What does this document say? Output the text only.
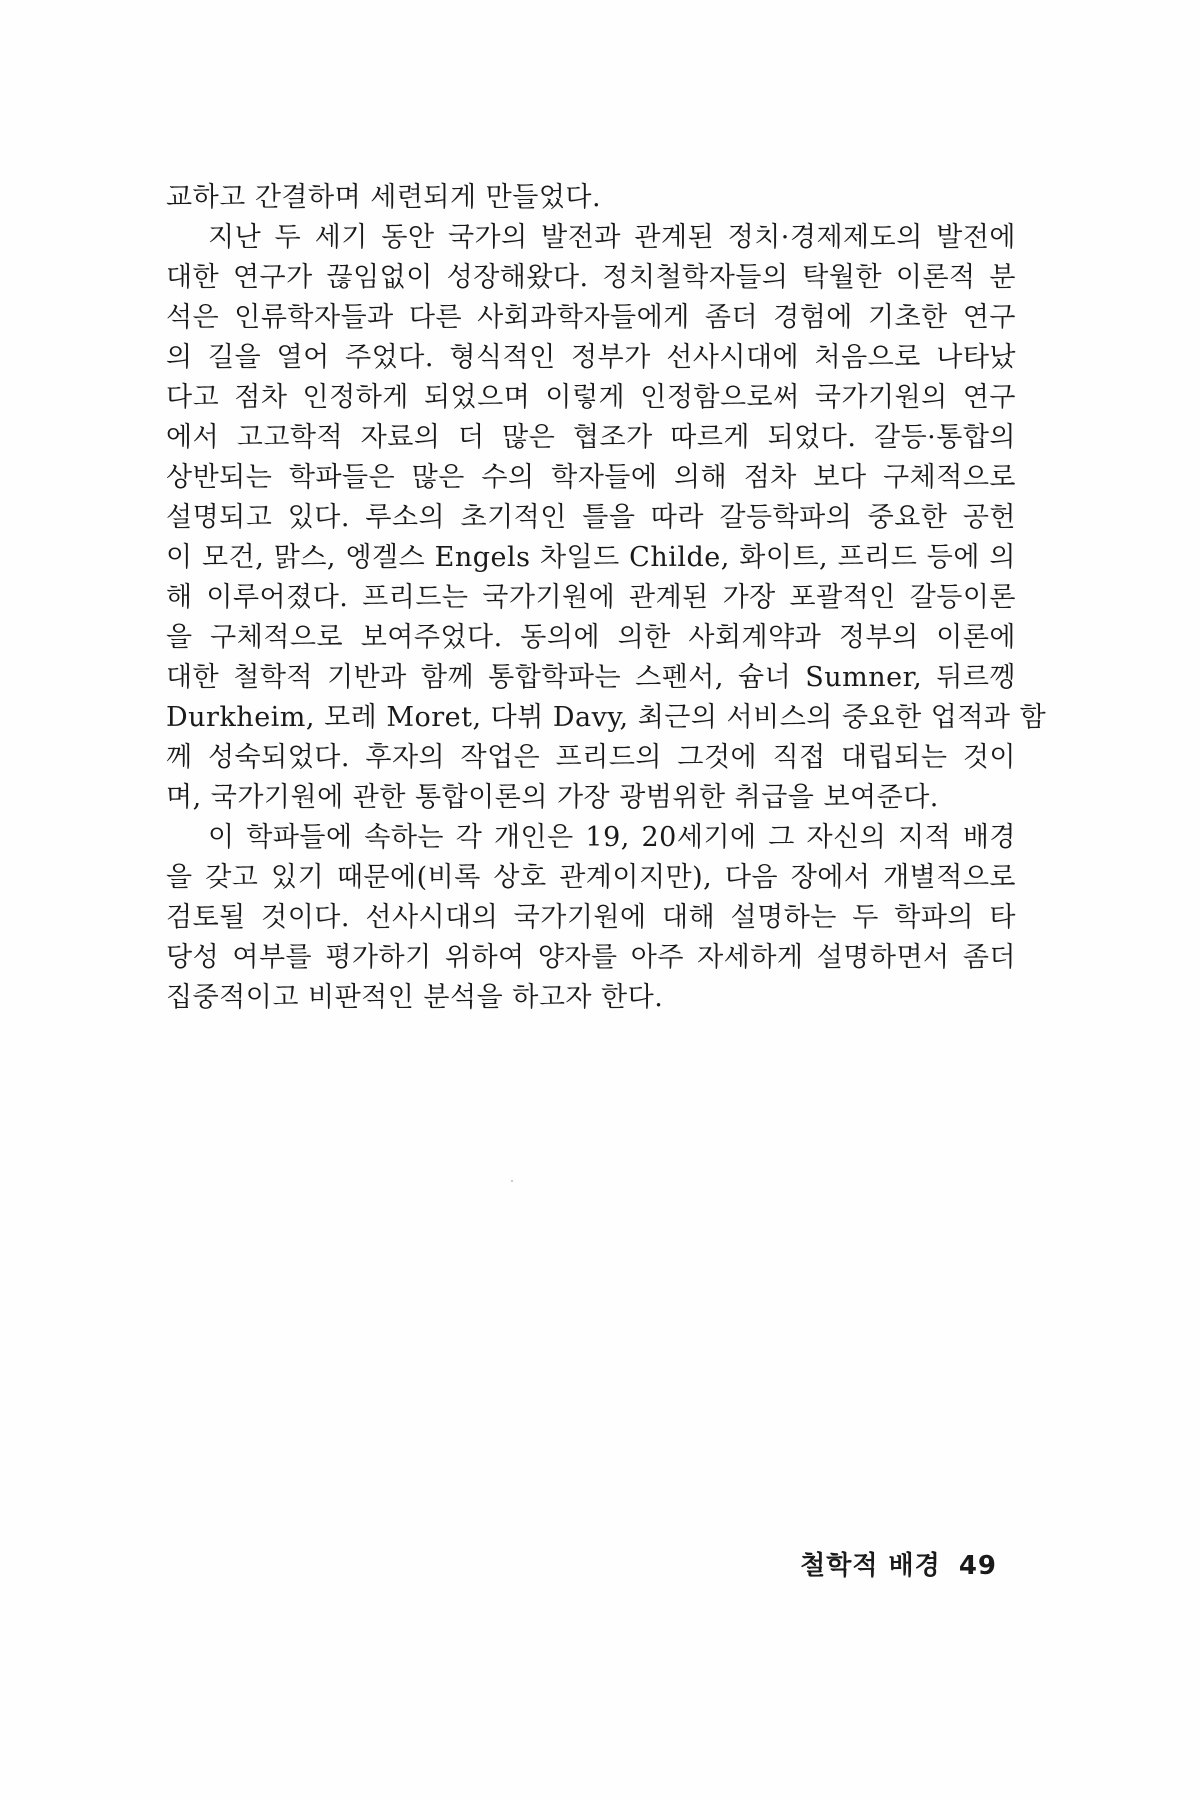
교하고 간결하며 세련되게 만들었다.
지난 두 세기 동안 국가의 발전과 관계된 정치·경제제도의 발전에
대한 연구가 끊임없이 성장해왔다. 정치철학자들의 탁월한 이론적 분
석은 인류학자들과 다른 사회과학자들에게 좀더 경험에 기초한 연구
의 길을 열어 주었다. 형식적인 정부가 선사시대에 처음으로 나타났
다고 점차 인정하게 되었으며 이렇게 인정함으로써 국가기원의 연구
에서 고고학적 자료의 더 많은 협조가 따르게 되었다. 갈등·통합의
상반되는 학파들은 많은 수의 학자들에 의해 점차 보다 구체적으로
설명되고 있다. 루소의 초기적인 틀을 따라 갈등학파의 중요한 공헌
이 모건, 맑스, 엥겔스 Engels 차일드 Childe, 화이트, 프리드 등에 의
해 이루어졌다. 프리드는 국가기원에 관계된 가장 포괄적인 갈등이론
을 구체적으로 보여주었다. 동의에 의한 사회계약과 정부의 이론에
대한 철학적 기반과 함께 통합학파는 스펜서, 슘너 Sumner, 뒤르껭
Durkheim, 모레 Moret, 다뷔 Davy, 최근의 서비스의 중요한 업적과 함
께 성숙되었다. 후자의 작업은 프리드의 그것에 직접 대립되는 것이
며, 국가기원에 관한 통합이론의 가장 광범위한 취급을 보여준다.
이 학파들에 속하는 각 개인은 19, 20세기에 그 자신의 지적 배경
을 갖고 있기 때문에(비록 상호 관계이지만), 다음 장에서 개별적으로
검토될 것이다. 선사시대의 국가기원에 대해 설명하는 두 학파의 타
당성 여부를 평가하기 위하여 양자를 아주 자세하게 설명하면서 좀더
집중적이고 비판적인 분석을 하고자 한다.
철학적 배경 49
